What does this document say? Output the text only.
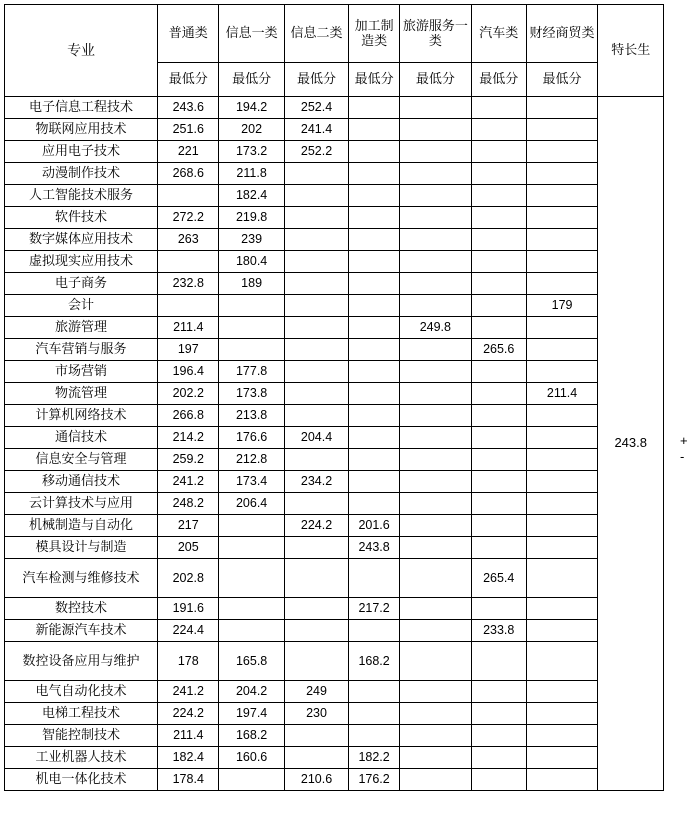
专业	普通类	信息一类	信息二类	加工制造类	旅游服务一类	汽车类	财经商贸类	特长生
	最低分	最低分	最低分	最低分	最低分	最低分	最低分	
电子信息工程技术	243.6	194.2	252.4					243.8
物联网应用技术	251.6	202	241.4					
应用电子技术	221	173.2	252.2					
动漫制作技术	268.6	211.8						
人工智能技术服务		182.4						
软件技术	272.2	219.8						
数字媒体应用技术	263	239						
虚拟现实应用技术		180.4						
电子商务	232.8	189						
会计							179	
旅游管理	211.4				249.8			
汽车营销与服务	197					265.6		
市场营销	196.4	177.8						
物流管理	202.2	173.8					211.4	
计算机网络技术	266.8	213.8						
通信技术	214.2	176.6	204.4					
信息安全与管理	259.2	212.8						
移动通信技术	241.2	173.4	234.2					
云计算技术与应用	248.2	206.4						
机械制造与自动化	217		224.2	201.6				
模具设计与制造	205			243.8				
汽车检测与维修技术	202.8					265.4		
数控技术	191.6			217.2				
新能源汽车技术	224.4					233.8		
数控设备应用与维护	178	165.8		168.2				
电气自动化技术	241.2	204.2	249					
电梯工程技术	224.2	197.4	230					
智能控制技术	211.4	168.2						
工业机器人技术	182.4	160.6		182.2				
机电一体化技术	178.4		210.6	176.2				
+
-
